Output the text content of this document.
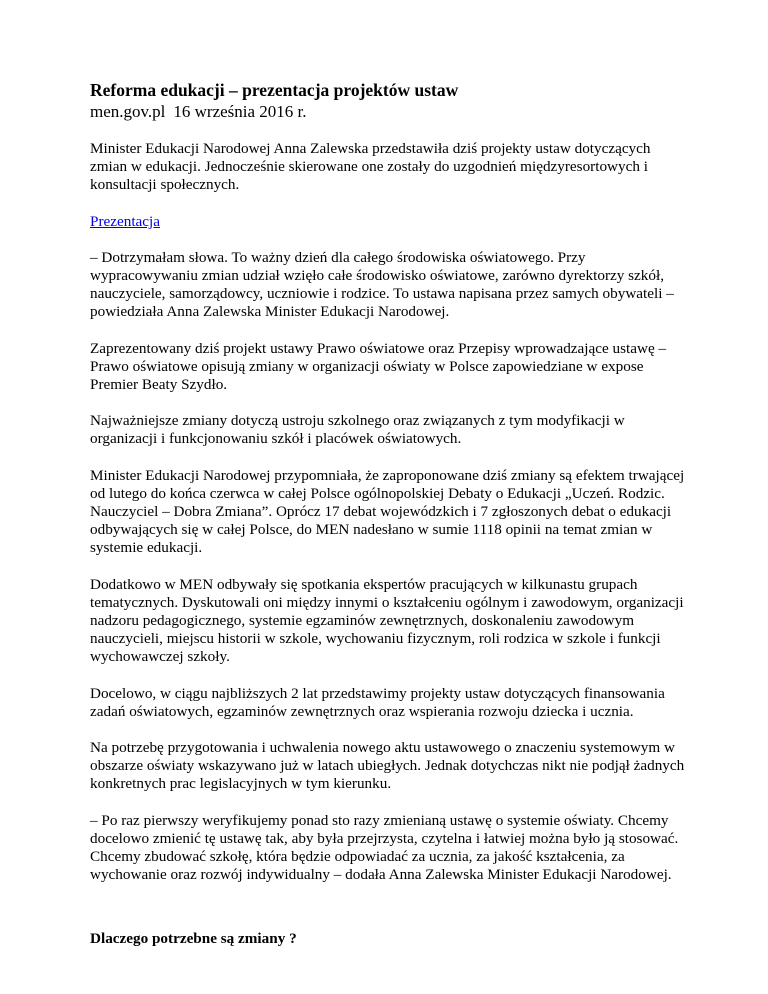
Reforma edukacji – prezentacja projektów ustaw
men.gov.pl 16 września 2016 r.

Minister Edukacji Narodowej Anna Zalewska przedstawiła dziś projekty ustaw dotyczących zmian w edukacji. Jednocześnie skierowane one zostały do uzgodnień międzyresortowych i konsultacji społecznych.

Prezentacja

– Dotrzymałam słowa. To ważny dzień dla całego środowiska oświatowego. Przy wypracowywaniu zmian udział wzięło całe środowisko oświatowe, zarówno dyrektorzy szkół, nauczyciele, samorządowcy, uczniowie i rodzice. To ustawa napisana przez samych obywateli – powiedziała Anna Zalewska Minister Edukacji Narodowej.

Zaprezentowany dziś projekt ustawy Prawo oświatowe oraz Przepisy wprowadzające ustawę – Prawo oświatowe opisują zmiany w organizacji oświaty w Polsce zapowiedziane w expose Premier Beaty Szydło.

Najważniejsze zmiany dotyczą ustroju szkolnego oraz związanych z tym modyfikacji w organizacji i funkcjonowaniu szkół i placówek oświatowych.

Minister Edukacji Narodowej przypomniała, że zaproponowane dziś zmiany są efektem trwającej od lutego do końca czerwca w całej Polsce ogólnopolskiej Debaty o Edukacji „Uczeń. Rodzic. Nauczyciel – Dobra Zmiana”. Oprócz 17 debat wojewódzkich i 7 zgłoszonych debat o edukacji odbywających się w całej Polsce, do MEN nadesłano w sumie 1118 opinii na temat zmian w systemie edukacji.

Dodatkowo w MEN odbywały się spotkania ekspertów pracujących w kilkunastu grupach tematycznych. Dyskutowali oni między innymi o kształceniu ogólnym i zawodowym, organizacji nadzoru pedagogicznego, systemie egzaminów zewnętrznych, doskonaleniu zawodowym nauczycieli, miejscu historii w szkole, wychowaniu fizycznym, roli rodzica w szkole i funkcji wychowawczej szkoły.

Docelowo, w ciągu najbliższych 2 lat przedstawimy projekty ustaw dotyczących finansowania zadań oświatowych, egzaminów zewnętrznych oraz wspierania rozwoju dziecka i ucznia.

Na potrzebę przygotowania i uchwalenia nowego aktu ustawowego o znaczeniu systemowym w obszarze oświaty wskazywano już w latach ubiegłych. Jednak dotychczas nikt nie podjął żadnych konkretnych prac legislacyjnych w tym kierunku.

– Po raz pierwszy weryfikujemy ponad sto razy zmienianą ustawę o systemie oświaty. Chcemy docelowo zmienić tę ustawę tak, aby była przejrzysta, czytelna i łatwiej można było ją stosować. Chcemy zbudować szkołę, która będzie odpowiadać za ucznia, za jakość kształcenia, za wychowanie oraz rozwój indywidualny – dodała Anna Zalewska Minister Edukacji Narodowej.

Dlaczego potrzebne są zmiany ?
